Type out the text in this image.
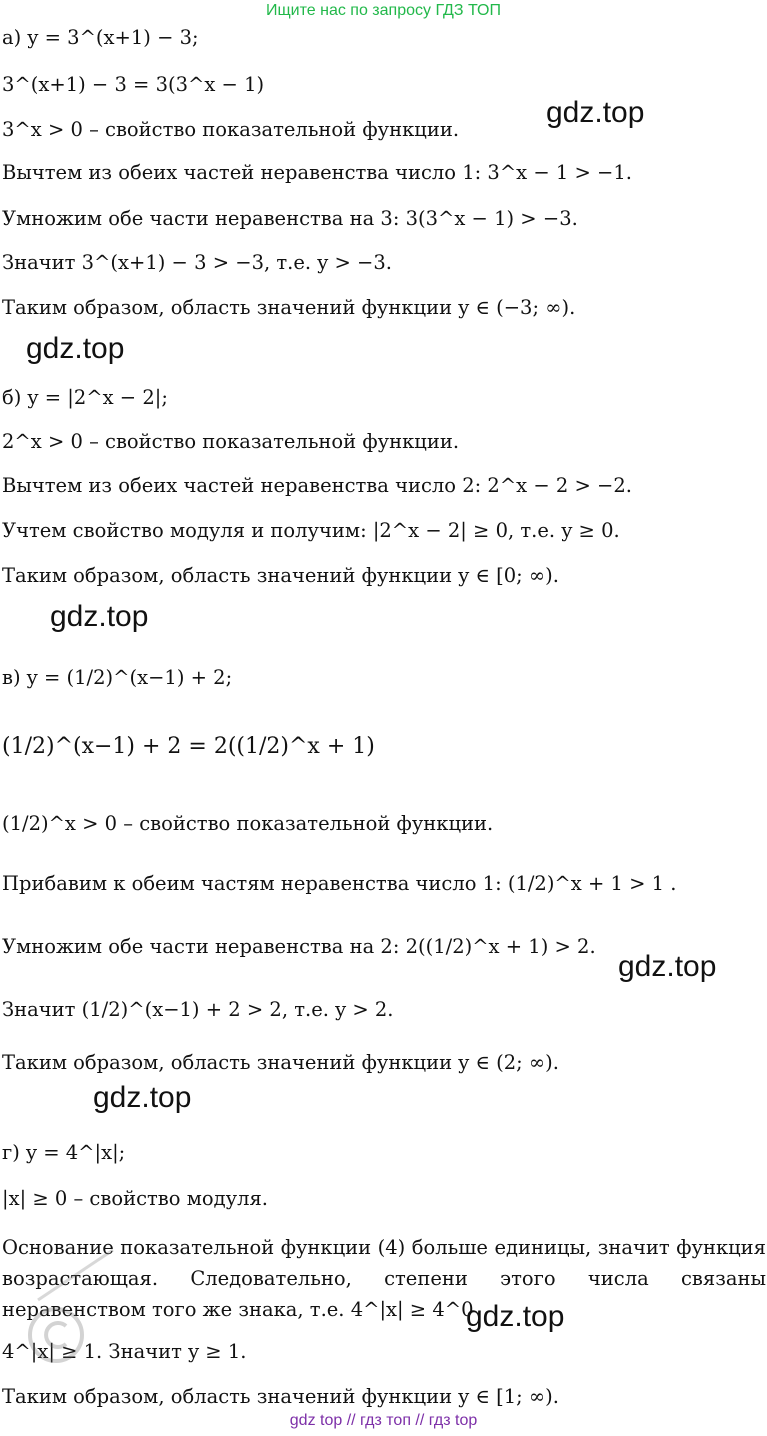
Ищите нас по запросу ГДЗ ТОП
gdz.top
gdz.top
gdz.top
gdz.top
gdz.top
gdz.top
а) y = 3^(x+1) − 3;
3^(x+1) − 3 = 3(3^x − 1)
3^x > 0 – свойство показательной функции.
Вычтем из обеих частей неравенства число 1: 3^x − 1 > −1.
Умножим обе части неравенства на 3: 3(3^x − 1) > −3.
Значит 3^(x+1) − 3 > −3, т.е. y > −3.
Таким образом, область значений функции y ∈ (−3; ∞).
б) y = |2^x − 2|;
2^x > 0 – свойство показательной функции.
Вычтем из обеих частей неравенства число 2: 2^x − 2 > −2.
Учтем свойство модуля и получим: |2^x − 2| ≥ 0, т.е. y ≥ 0.
Таким образом, область значений функции y ∈ [0; ∞).
в) y = (1/2)^(x−1) + 2;
(1/2)^(x−1) + 2 = 2((1/2)^x + 1)
(1/2)^x > 0 – свойство показательной функции.
Прибавим к обеим частям неравенства число 1: (1/2)^x + 1 > 1 .
Умножим обе части неравенства на 2: 2((1/2)^x + 1) > 2.
Значит (1/2)^(x−1) + 2 > 2, т.е. y > 2.
Таким образом, область значений функции y ∈ (2; ∞).
г) y = 4^|x|;
|x| ≥ 0 – свойство модуля.
Основание показательной функции (4) больше единицы, значит функция возрастающая. Следовательно, степени этого числа связаны неравенством того же знака, т.е. 4^|x| ≥ 4^0
4^|x| ≥ 1. Значит y ≥ 1.
Таким образом, область значений функции y ∈ [1; ∞).
gdz top // гдз топ // гдз top
